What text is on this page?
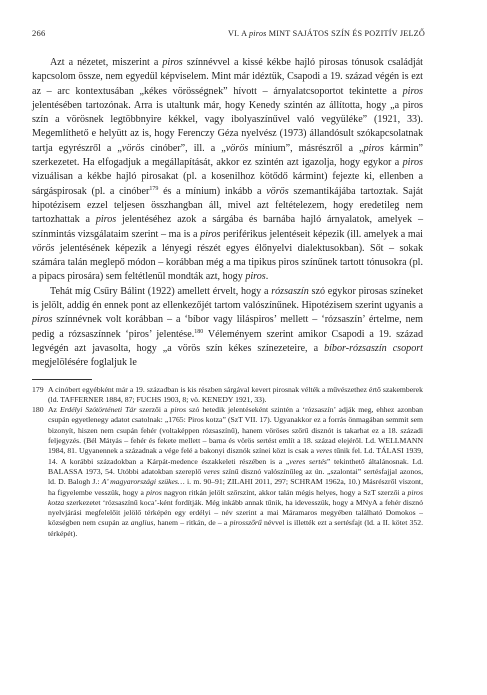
266	VI. A piros MINT SAJÁTOS SZÍN ÉS POZITÍV JELZŐ

Azt a nézetet, miszerint a piros színnévvel a kissé kékbe hajló pirosas tónusok családját kapcsolom össze, nem egyedül képviselem. Mint már idéztük, Csapodi a 19. század végén is ezt az – arc kontextusában „kékes vörösségnek” hívott – árnyalatcsoportot tekintette a piros jelentésében tartozónak. Arra is utaltunk már, hogy Kenedy szintén az állította, hogy „a piros szín a vörösnek legtöbbnyire kékkel, vagy ibolyaszínűvel való vegyüléke” (1921, 33). Megemlíthető e helyütt az is, hogy Ferenczy Géza nyelvész (1973) állandósult szókapcsolatnak tartja egyrészről a „vörös cinóber”, ill. a „vörös mínium”, másrészről a „piros kármin” szerkezetet. Ha elfogadjuk a megállapítását, akkor ez szintén azt igazolja, hogy egykor a piros vizuálisan a kékbe hajló pirosakat (pl. a kosenilhoz kötődő kármint) fejezte ki, ellenben a sárgáspirosak (pl. a cinóber$^{179}$ és a mínium) inkább a vörös szemantikájába tartoztak. Saját hipotézisem ezzel teljesen összhangban áll, mivel azt feltételezem, hogy eredetileg nem tartozhattak a piros jelentéséhez azok a sárgába és barnába hajló árnyalatok, amelyek – színmintás vizsgálataim szerint – ma is a piros periférikus jelentéseit képezik (ill. amelyek a mai vörös jelentésének képezik a lényegi részét egyes élőnyelvi dialektusokban). Sőt – sokak számára talán meglepő módon – korábban még a ma tipikus piros színűnek tartott tónusokra (pl. a pipacs pirosára) sem feltétlenül mondták azt, hogy piros.

Tehát míg Csűry Bálint (1922) amellett érvelt, hogy a rózsaszín szó egykor pirosas színeket is jelölt, addig én ennek pont az ellenkezőjét tartom valószínűnek. Hipotézisem szerint ugyanis a piros színnévnek volt korábban – a ‘bíbor vagy liláspiros’ mellett – ‘rózsaszín’ értelme, nem pedig a rózsaszínnek ‘piros’ jelentése.$^{180}$ Véleményem szerint amikor Csapodi a 19. század legvégén azt javasolta, hogy „a vörös szín kékes színezeteire, a bíbor-rózsaszín csoport megjelölésére foglaljuk le

179 A cinóbert egyébként már a 19. században is kis részben sárgával kevert pirosnak vélték a művészethez értő szakemberek (ld. TAFFERNER 1884, 87; FUCHS 1903, 8; vö. KENEDY 1921, 33).
180 Az Erdélyi Szótörténeti Tár szerzői a piros szó hetedik jelentéseként szintén a ‘rózsaszín’ adják meg, ehhez azonban csupán egyetlenegy adatot csatolnak: „1765: Piros kotza” (SzT VII. 17). Ugyanakkor ez a forrás önmagában semmit sem bizonyít, hiszen nem csupán fehér (voltaképpen rózsaszínű), hanem vöröses szőrű disznót is takarhat ez a 18. századi feljegyzés. (Bél Mátyás – fehér és fekete mellett – barna és vörös sertést említ a 18. század elejéről. Ld. WELLMANN 1984, 81. Ugyanennek a századnak a vége felé a bakonyi disznók színei közt is csak a veres tűnik fel. Ld. TÁLASI 1939, 14. A korábbi századokban a Kárpát-medence északkeleti részében is a „veres sertés” tekinthető általánosnak. Ld. BALASSA 1973, 54. Utóbbi adatokban szereplő veres színű disznó valószínűleg az ún. „szalontai” sertésfajjal azonos, ld. D. Balogh J.: A’ magyarországi szükes… i. m. 90–91; ZILAHI 2011, 297; SCHRAM 1962a, 10.) Másrészről viszont, ha figyelembe vesszük, hogy a piros nagyon ritkán jelölt szőrszínt, akkor talán mégis helyes, hogy a SzT szerzői a piros kotza szerkezetet ‘rózsaszínű koca’-ként fordítják. Még inkább annak tűnik, ha idevesszük, hogy a MNyA a fehér disznó nyelvjárási megfelelőit jelölő térképén egy erdélyi – név szerint a mai Máramaros megyében található Domokos – községben nem csupán az anglius, hanem – ritkán, de – a pirosszőrű névvel is illették ezt a sertésfajt (ld. a II. kötet 352. térképét).
